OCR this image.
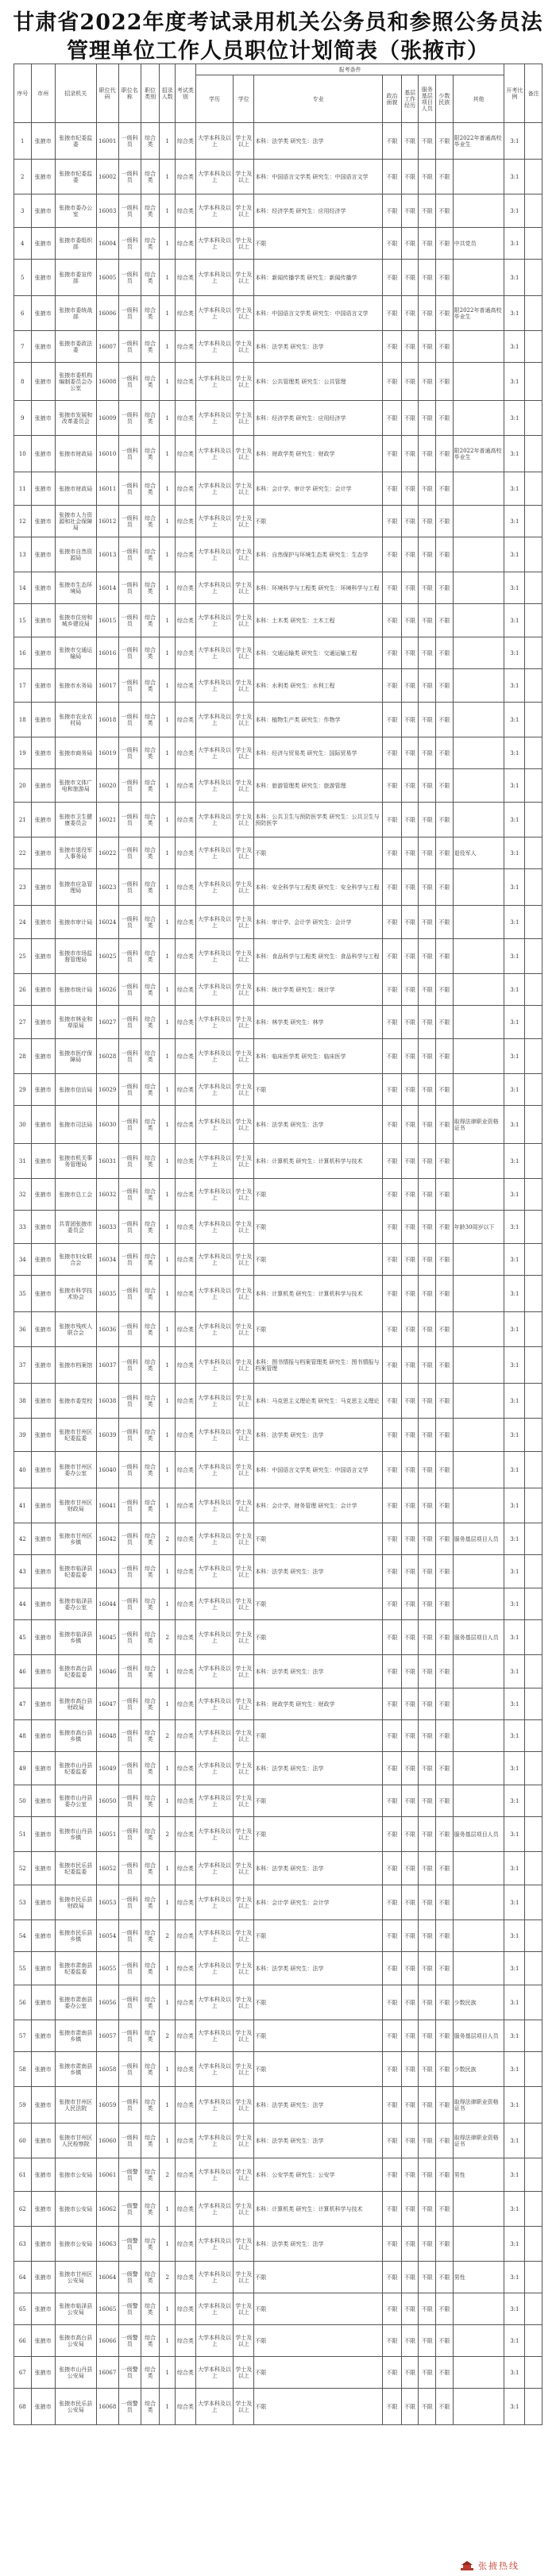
甘肃省2022年度考试录用机关公务员和参照公务员法
管理单位工作人员职位计划简表（张掖市）
序号	市州	招录机关	职位代码	职位名称	职位类别	招录人数	考试类别	报考条件								开考比例	备注
								学历	学位	专业	政治面貌	基层工作经历	服务基层项目人员	少数民族	其他		
1	张掖市	张掖市纪委监委	16001	一级科员	综合类	1	综合类	大学本科及以上	学士及以上	本科：法学类 研究生：法学	不限	不限	不限	不限	限2022年普通高校毕业生	3:1	
2	张掖市	张掖市纪委监委	16002	一级科员	综合类	1	综合类	大学本科及以上	学士及以上	本科：中国语言文学类 研究生：中国语言文学	不限	不限	不限	不限		3:1	
3	张掖市	张掖市委办公室	16003	一级科员	综合类	1	综合类	大学本科及以上	学士及以上	本科：经济学类 研究生：应用经济学	不限	不限	不限	不限		3:1	
4	张掖市	张掖市委组织部	16004	一级科员	综合类	1	综合类	大学本科及以上	学士及以上	不限	不限	不限	不限	不限	中共党员	3:1	
5	张掖市	张掖市委宣传部	16005	一级科员	综合类	1	综合类	大学本科及以上	学士及以上	本科：新闻传播学类 研究生：新闻传播学	不限	不限	不限	不限		3:1	
6	张掖市	张掖市委统战部	16006	一级科员	综合类	1	综合类	大学本科及以上	学士及以上	本科：中国语言文学类 研究生：中国语言文学	不限	不限	不限	不限	限2022年普通高校毕业生	3:1	
7	张掖市	张掖市委政法委	16007	一级科员	综合类	1	综合类	大学本科及以上	学士及以上	本科：法学类 研究生：法学	不限	不限	不限	不限		3:1	
8	张掖市	张掖市委机构编制委员会办公室	16008	一级科员	综合类	1	综合类	大学本科及以上	学士及以上	本科：公共管理类 研究生：公共管理	不限	不限	不限	不限		3:1	
9	张掖市	张掖市发展和改革委员会	16009	一级科员	综合类	1	综合类	大学本科及以上	学士及以上	本科：经济学类 研究生：应用经济学	不限	不限	不限	不限		3:1	
10	张掖市	张掖市财政局	16010	一级科员	综合类	1	综合类	大学本科及以上	学士及以上	本科：财政学类 研究生：财政学	不限	不限	不限	不限	限2022年普通高校毕业生	3:1	
11	张掖市	张掖市财政局	16011	一级科员	综合类	1	综合类	大学本科及以上	学士及以上	本科：会计学、审计学 研究生：会计学	不限	不限	不限	不限		3:1	
12	张掖市	张掖市人力资源和社会保障局	16012	一级科员	综合类	1	综合类	大学本科及以上	学士及以上	不限	不限	不限	不限	不限		3:1	
13	张掖市	张掖市自然资源局	16013	一级科员	综合类	1	综合类	大学本科及以上	学士及以上	本科：自然保护与环境生态类 研究生：生态学	不限	不限	不限	不限		3:1	
14	张掖市	张掖市生态环境局	16014	一级科员	综合类	1	综合类	大学本科及以上	学士及以上	本科：环境科学与工程类 研究生：环境科学与工程	不限	不限	不限	不限		3:1	
15	张掖市	张掖市住房和城乡建设局	16015	一级科员	综合类	1	综合类	大学本科及以上	学士及以上	本科：土木类 研究生：土木工程	不限	不限	不限	不限		3:1	
16	张掖市	张掖市交通运输局	16016	一级科员	综合类	1	综合类	大学本科及以上	学士及以上	本科：交通运输类 研究生：交通运输工程	不限	不限	不限	不限		3:1	
17	张掖市	张掖市水务局	16017	一级科员	综合类	1	综合类	大学本科及以上	学士及以上	本科：水利类 研究生：水利工程	不限	不限	不限	不限		3:1	
18	张掖市	张掖市农业农村局	16018	一级科员	综合类	1	综合类	大学本科及以上	学士及以上	本科：植物生产类 研究生：作物学	不限	不限	不限	不限		3:1	
19	张掖市	张掖市商务局	16019	一级科员	综合类	1	综合类	大学本科及以上	学士及以上	本科：经济与贸易类 研究生：国际贸易学	不限	不限	不限	不限		3:1	
20	张掖市	张掖市文体广电和旅游局	16020	一级科员	综合类	1	综合类	大学本科及以上	学士及以上	本科：旅游管理类 研究生：旅游管理	不限	不限	不限	不限		3:1	
21	张掖市	张掖市卫生健康委员会	16021	一级科员	综合类	1	综合类	大学本科及以上	学士及以上	本科：公共卫生与预防医学类 研究生：公共卫生与预防医学	不限	不限	不限	不限		3:1	
22	张掖市	张掖市退役军人事务局	16022	一级科员	综合类	1	综合类	大学本科及以上	学士及以上	不限	不限	不限	不限	不限	退役军人	3:1	
23	张掖市	张掖市应急管理局	16023	一级科员	综合类	1	综合类	大学本科及以上	学士及以上	本科：安全科学与工程类 研究生：安全科学与工程	不限	不限	不限	不限		3:1	
24	张掖市	张掖市审计局	16024	一级科员	综合类	1	综合类	大学本科及以上	学士及以上	本科：审计学、会计学 研究生：会计学	不限	不限	不限	不限		3:1	
25	张掖市	张掖市市场监督管理局	16025	一级科员	综合类	1	综合类	大学本科及以上	学士及以上	本科：食品科学与工程类 研究生：食品科学与工程	不限	不限	不限	不限		3:1	
26	张掖市	张掖市统计局	16026	一级科员	综合类	1	综合类	大学本科及以上	学士及以上	本科：统计学类 研究生：统计学	不限	不限	不限	不限		3:1	
27	张掖市	张掖市林业和草原局	16027	一级科员	综合类	1	综合类	大学本科及以上	学士及以上	本科：林学类 研究生：林学	不限	不限	不限	不限		3:1	
28	张掖市	张掖市医疗保障局	16028	一级科员	综合类	1	综合类	大学本科及以上	学士及以上	本科：临床医学类 研究生：临床医学	不限	不限	不限	不限		3:1	
29	张掖市	张掖市信访局	16029	一级科员	综合类	1	综合类	大学本科及以上	学士及以上	不限	不限	不限	不限	不限		3:1	
30	张掖市	张掖市司法局	16030	一级科员	综合类	1	综合类	大学本科及以上	学士及以上	本科：法学类 研究生：法学	不限	不限	不限	不限	取得法律职业资格证书	3:1	
31	张掖市	张掖市机关事务管理局	16031	一级科员	综合类	1	综合类	大学本科及以上	学士及以上	本科：计算机类 研究生：计算机科学与技术	不限	不限	不限	不限		3:1	
32	张掖市	张掖市总工会	16032	一级科员	综合类	1	综合类	大学本科及以上	学士及以上	不限	不限	不限	不限	不限		3:1	
33	张掖市	共青团张掖市委员会	16033	一级科员	综合类	1	综合类	大学本科及以上	学士及以上	不限	不限	不限	不限	不限	年龄30周岁以下	3:1	
34	张掖市	张掖市妇女联合会	16034	一级科员	综合类	1	综合类	大学本科及以上	学士及以上	不限	不限	不限	不限	不限		3:1	
35	张掖市	张掖市科学技术协会	16035	一级科员	综合类	1	综合类	大学本科及以上	学士及以上	本科：计算机类 研究生：计算机科学与技术	不限	不限	不限	不限		3:1	
36	张掖市	张掖市残疾人联合会	16036	一级科员	综合类	1	综合类	大学本科及以上	学士及以上	不限	不限	不限	不限	不限		3:1	
37	张掖市	张掖市档案馆	16037	一级科员	综合类	1	综合类	大学本科及以上	学士及以上	本科：图书情报与档案管理类 研究生：图书情报与档案管理	不限	不限	不限	不限		3:1	
38	张掖市	张掖市委党校	16038	一级科员	综合类	1	综合类	大学本科及以上	学士及以上	本科：马克思主义理论类 研究生：马克思主义理论	不限	不限	不限	不限		3:1	
39	张掖市	张掖市甘州区纪委监委	16039	一级科员	综合类	1	综合类	大学本科及以上	学士及以上	本科：法学类 研究生：法学	不限	不限	不限	不限		3:1	
40	张掖市	张掖市甘州区委办公室	16040	一级科员	综合类	1	综合类	大学本科及以上	学士及以上	本科：中国语言文学类 研究生：中国语言文学	不限	不限	不限	不限		3:1	
41	张掖市	张掖市甘州区财政局	16041	一级科员	综合类	1	综合类	大学本科及以上	学士及以上	本科：会计学、财务管理 研究生：会计学	不限	不限	不限	不限		3:1	
42	张掖市	张掖市甘州区乡镇	16042	一级科员	综合类	2	综合类	大学本科及以上	学士及以上	不限	不限	不限	不限	不限	服务基层项目人员	3:1	
43	张掖市	张掖市临泽县纪委监委	16043	一级科员	综合类	1	综合类	大学本科及以上	学士及以上	本科：法学类 研究生：法学	不限	不限	不限	不限		3:1	
44	张掖市	张掖市临泽县委办公室	16044	一级科员	综合类	1	综合类	大学本科及以上	学士及以上	不限	不限	不限	不限	不限		3:1	
45	张掖市	张掖市临泽县乡镇	16045	一级科员	综合类	2	综合类	大学本科及以上	学士及以上	不限	不限	不限	不限	不限	服务基层项目人员	3:1	
46	张掖市	张掖市高台县纪委监委	16046	一级科员	综合类	1	综合类	大学本科及以上	学士及以上	本科：法学类 研究生：法学	不限	不限	不限	不限		3:1	
47	张掖市	张掖市高台县财政局	16047	一级科员	综合类	1	综合类	大学本科及以上	学士及以上	本科：财政学类 研究生：财政学	不限	不限	不限	不限		3:1	
48	张掖市	张掖市高台县乡镇	16048	一级科员	综合类	2	综合类	大学本科及以上	学士及以上	不限	不限	不限	不限	不限		3:1	
49	张掖市	张掖市山丹县纪委监委	16049	一级科员	综合类	1	综合类	大学本科及以上	学士及以上	本科：法学类 研究生：法学	不限	不限	不限	不限		3:1	
50	张掖市	张掖市山丹县委办公室	16050	一级科员	综合类	1	综合类	大学本科及以上	学士及以上	不限	不限	不限	不限	不限		3:1	
51	张掖市	张掖市山丹县乡镇	16051	一级科员	综合类	2	综合类	大学本科及以上	学士及以上	不限	不限	不限	不限	不限	服务基层项目人员	3:1	
52	张掖市	张掖市民乐县纪委监委	16052	一级科员	综合类	1	综合类	大学本科及以上	学士及以上	本科：法学类 研究生：法学	不限	不限	不限	不限		3:1	
53	张掖市	张掖市民乐县财政局	16053	一级科员	综合类	1	综合类	大学本科及以上	学士及以上	本科：会计学 研究生：会计学	不限	不限	不限	不限		3:1	
54	张掖市	张掖市民乐县乡镇	16054	一级科员	综合类	2	综合类	大学本科及以上	学士及以上	不限	不限	不限	不限	不限		3:1	
55	张掖市	张掖市肃南县纪委监委	16055	一级科员	综合类	1	综合类	大学本科及以上	学士及以上	本科：法学类 研究生：法学	不限	不限	不限	不限		3:1	
56	张掖市	张掖市肃南县委办公室	16056	一级科员	综合类	1	综合类	大学本科及以上	学士及以上	不限	不限	不限	不限	不限	少数民族	3:1	
57	张掖市	张掖市肃南县乡镇	16057	一级科员	综合类	2	综合类	大学本科及以上	学士及以上	不限	不限	不限	不限	不限	服务基层项目人员	3:1	
58	张掖市	张掖市肃南县乡镇	16058	一级科员	综合类	1	综合类	大学本科及以上	学士及以上	不限	不限	不限	不限	不限	少数民族	3:1	
59	张掖市	张掖市甘州区人民法院	16059	一级科员	综合类	1	综合类	大学本科及以上	学士及以上	本科：法学类 研究生：法学	不限	不限	不限	不限	取得法律职业资格证书	3:1	
60	张掖市	张掖市甘州区人民检察院	16060	一级科员	综合类	1	综合类	大学本科及以上	学士及以上	本科：法学类 研究生：法学	不限	不限	不限	不限	取得法律职业资格证书	3:1	
61	张掖市	张掖市公安局	16061	一级警员	综合类	2	综合类	大学本科及以上	学士及以上	本科：公安学类 研究生：公安学	不限	不限	不限	不限	男性	3:1	
62	张掖市	张掖市公安局	16062	一级警员	综合类	1	综合类	大学本科及以上	学士及以上	本科：计算机类 研究生：计算机科学与技术	不限	不限	不限	不限		3:1	
63	张掖市	张掖市公安局	16063	一级警员	综合类	1	综合类	大学本科及以上	学士及以上	本科：法学类 研究生：法学	不限	不限	不限	不限		3:1	
64	张掖市	张掖市甘州区公安局	16064	一级警员	综合类	2	综合类	大学本科及以上	学士及以上	不限	不限	不限	不限	不限	男性	3:1	
65	张掖市	张掖市临泽县公安局	16065	一级警员	综合类	1	综合类	大学本科及以上	学士及以上	不限	不限	不限	不限	不限		3:1	
66	张掖市	张掖市高台县公安局	16066	一级警员	综合类	1	综合类	大学本科及以上	学士及以上	不限	不限	不限	不限	不限		3:1	
67	张掖市	张掖市山丹县公安局	16067	一级警员	综合类	1	综合类	大学本科及以上	学士及以上	不限	不限	不限	不限	不限		3:1	
68	张掖市	张掖市民乐县公安局	16068	一级警员	综合类	1	综合类	大学本科及以上	学士及以上	不限	不限	不限	不限	不限		3:1	
张掖热线
